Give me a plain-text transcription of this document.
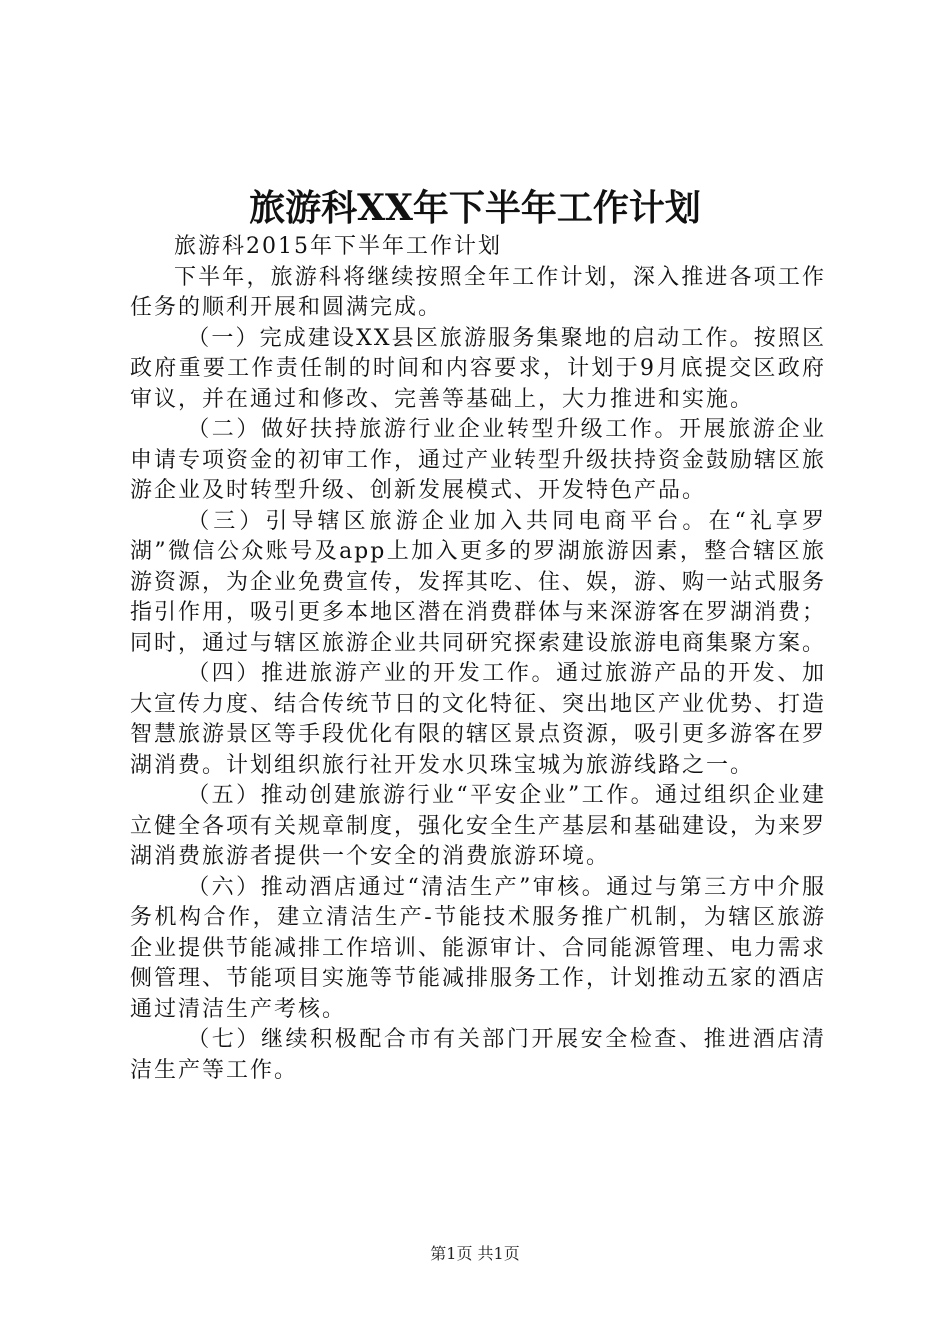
旅游科XX年下半年工作计划

旅游科2015年下半年工作计划

下半年，旅游科将继续按照全年工作计划，深入推进各项工作任务的顺利开展和圆满完成。

（一）完成建设XX县区旅游服务集聚地的启动工作。按照区政府重要工作责任制的时间和内容要求，计划于9月底提交区政府审议，并在通过和修改、完善等基础上，大力推进和实施。

（二）做好扶持旅游行业企业转型升级工作。开展旅游企业申请专项资金的初审工作，通过产业转型升级扶持资金鼓励辖区旅游企业及时转型升级、创新发展模式、开发特色产品。

（三）引导辖区旅游企业加入共同电商平台。在“礼享罗湖”微信公众账号及app上加入更多的罗湖旅游因素，整合辖区旅游资源，为企业免费宣传，发挥其吃、住、娱，游、购一站式服务指引作用，吸引更多本地区潜在消费群体与来深游客在罗湖消费；同时，通过与辖区旅游企业共同研究探索建设旅游电商集聚方案。

（四）推进旅游产业的开发工作。通过旅游产品的开发、加大宣传力度、结合传统节日的文化特征、突出地区产业优势、打造智慧旅游景区等手段优化有限的辖区景点资源，吸引更多游客在罗湖消费。计划组织旅行社开发水贝珠宝城为旅游线路之一。

（五）推动创建旅游行业“平安企业”工作。通过组织企业建立健全各项有关规章制度，强化安全生产基层和基础建设，为来罗湖消费旅游者提供一个安全的消费旅游环境。

（六）推动酒店通过“清洁生产”审核。通过与第三方中介服务机构合作，建立清洁生产-节能技术服务推广机制，为辖区旅游企业提供节能减排工作培训、能源审计、合同能源管理、电力需求侧管理、节能项目实施等节能减排服务工作，计划推动五家的酒店通过清洁生产考核。

（七）继续积极配合市有关部门开展安全检查、推进酒店清洁生产等工作。

第1页 共1页
